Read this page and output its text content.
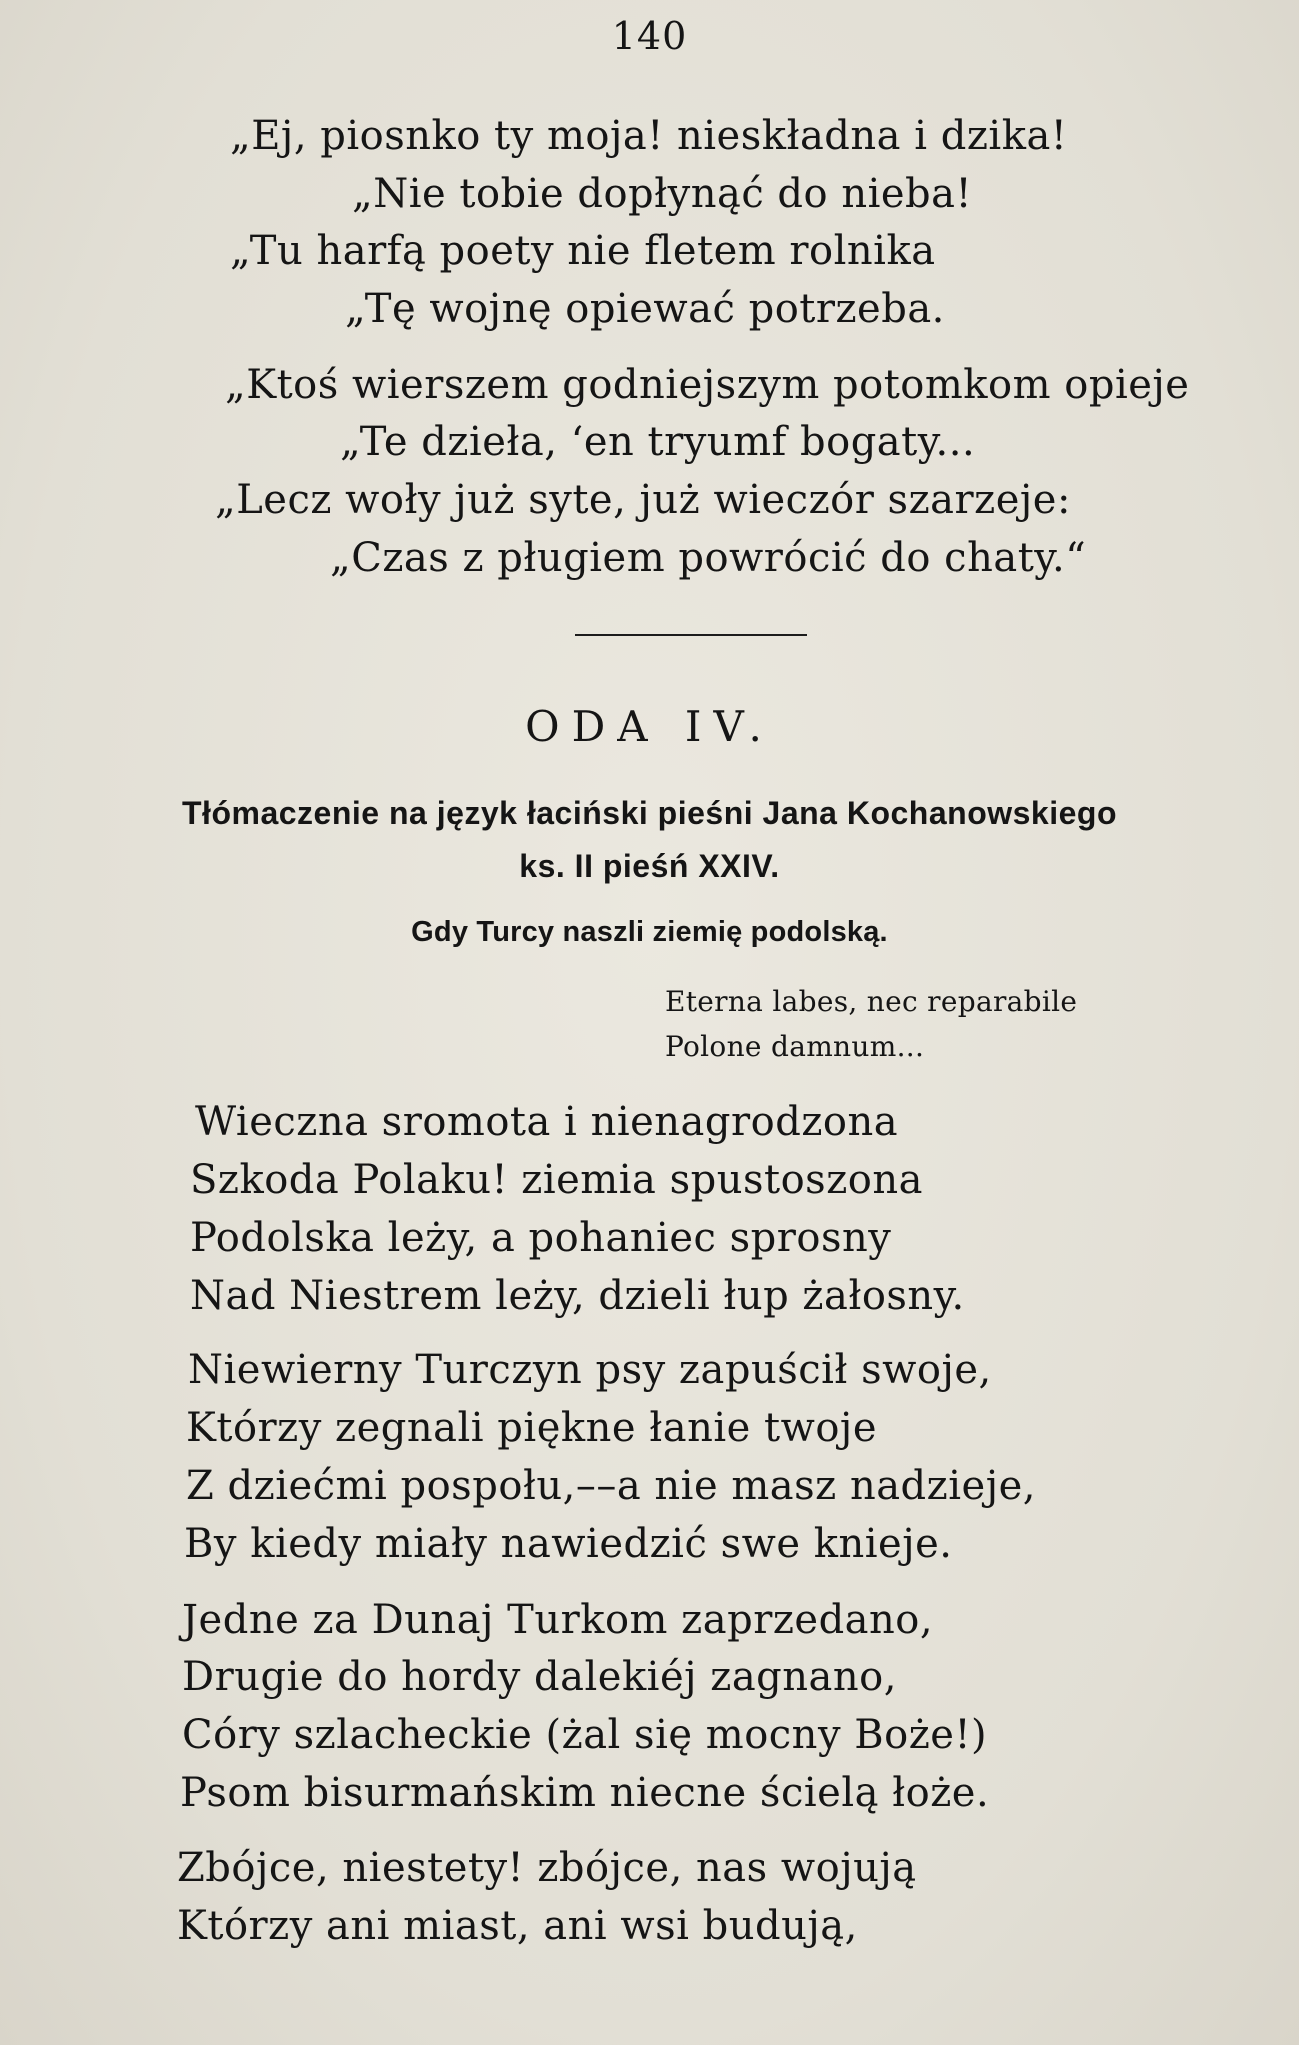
140
„Ej, piosnko ty moja! nieskładna i dzika!
„Nie tobie dopłynąć do nieba!
„Tu harfą poety nie fletem rolnika
„Tę wojnę opiewać potrzeba.
„Ktoś wierszem godniejszym potomkom opieje
„Te dzieła, ‘en tryumf bogaty...
„Lecz woły już syte, już wieczór szarzeje:
„Czas z pługiem powrócić do chaty.“
ODA IV.
Tłómaczenie na język łaciński pieśni Jana Kochanowskiego
ks. II pieśń XXIV.
Gdy Turcy naszli ziemię podolską.
Eterna labes, nec reparabile
Polone damnum...
Wieczna sromota i nienagrodzona
Szkoda Polaku! ziemia spustoszona
Podolska leży, a pohaniec sprosny
Nad Niestrem leży, dzieli łup żałosny.
Niewierny Turczyn psy zapuścił swoje,
Którzy zegnali piękne łanie twoje
Z dziećmi pospołu,––a nie masz nadzieje,
By kiedy miały nawiedzić swe knieje.
Jedne za Dunaj Turkom zaprzedano,
Drugie do hordy dalekiéj zagnano,
Córy szlacheckie (żal się mocny Boże!)
Psom bisurmańskim niecne ścielą łoże.
Zbójce, niestety! zbójce, nas wojują
Którzy ani miast, ani wsi budują,
